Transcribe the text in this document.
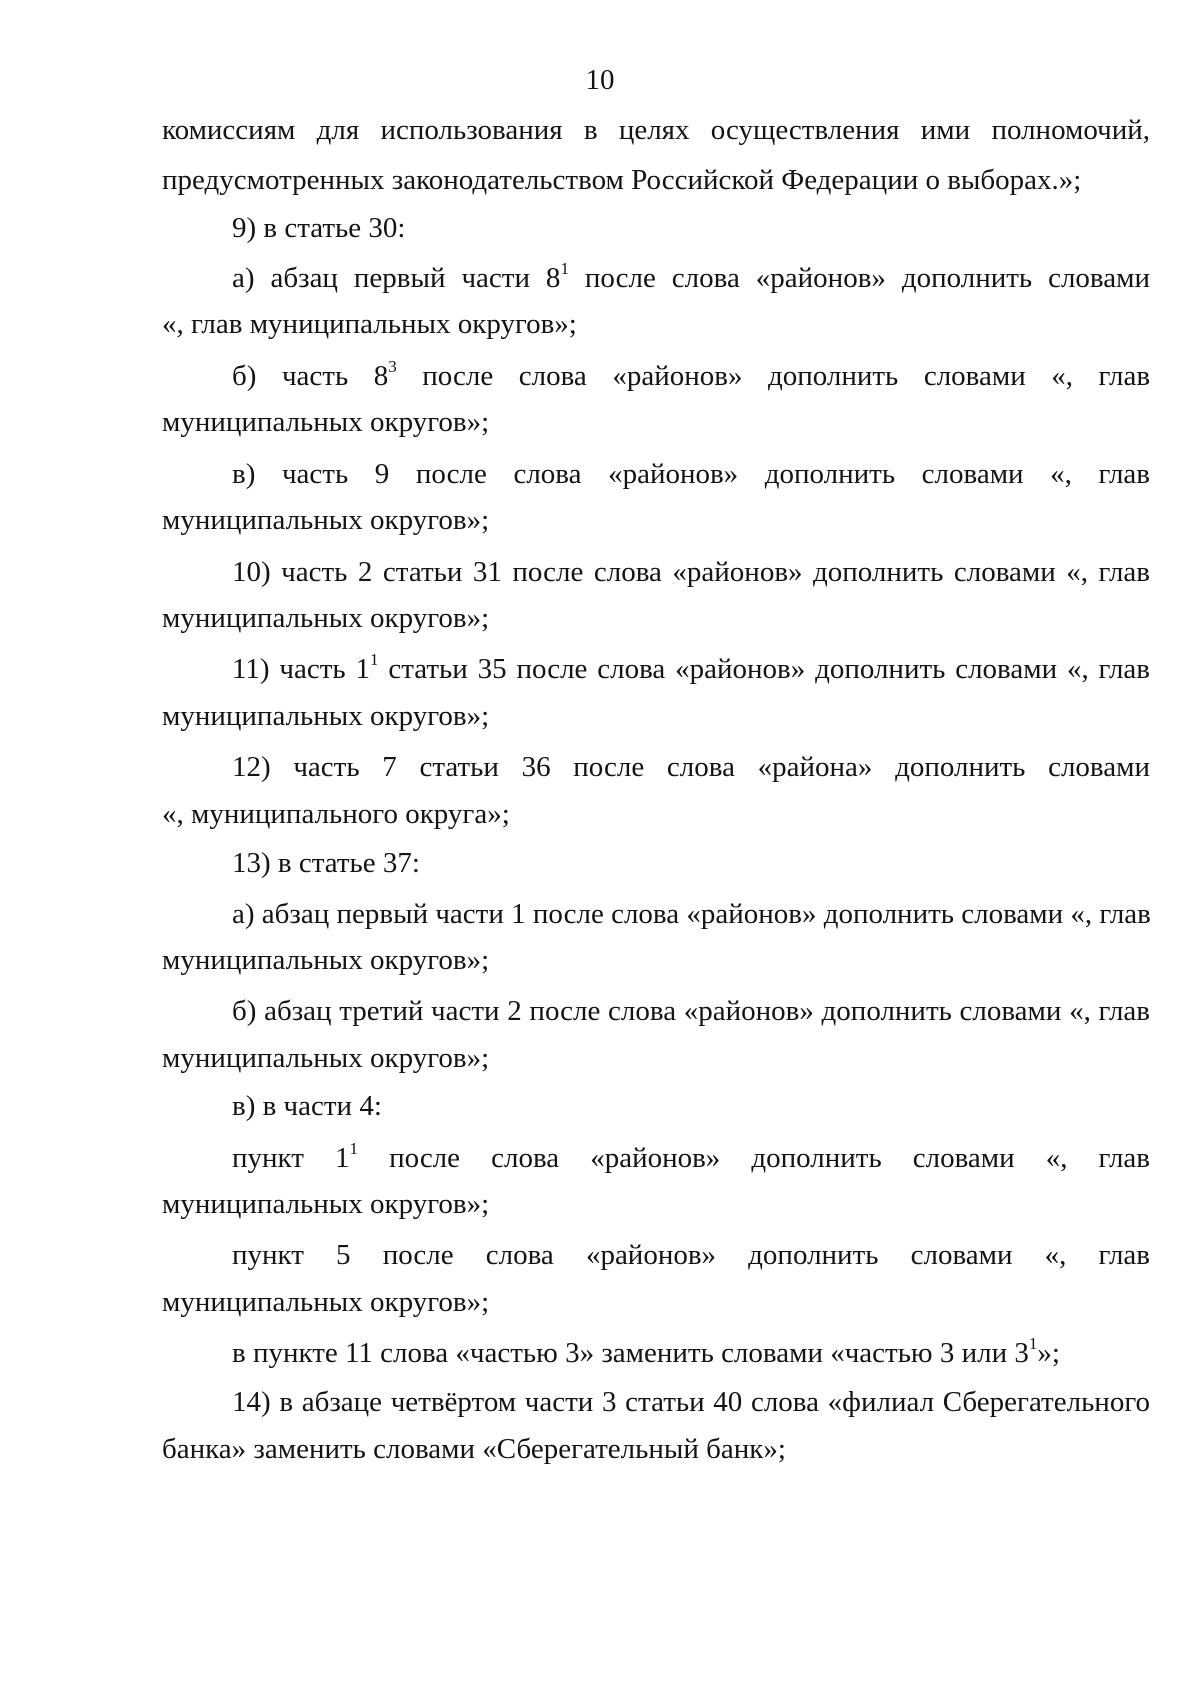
10
комиссиям для использования в целях осуществления ими полномочий,
предусмотренных законодательством Российской Федерации о выборах.»;
9) в статье 30:
а) абзац первый части $8^1$ после слова «районов» дополнить словами
«, глав муниципальных округов»;
б) часть $8^3$ после слова «районов» дополнить словами «, глав
муниципальных округов»;
в) часть 9 после слова «районов» дополнить словами «, глав
муниципальных округов»;
10) часть 2 статьи 31 после слова «районов» дополнить словами «, глав
муниципальных округов»;
11) часть $1^1$ статьи 35 после слова «районов» дополнить словами «, глав
муниципальных округов»;
12) часть 7 статьи 36 после слова «района» дополнить словами
«, муниципального округа»;
13) в статье 37:
а) абзац первый части 1 после слова «районов» дополнить словами «, глав
муниципальных округов»;
б) абзац третий части 2 после слова «районов» дополнить словами «, глав
муниципальных округов»;
в) в части 4:
пункт $1^1$ после слова «районов» дополнить словами «, глав
муниципальных округов»;
пункт 5 после слова «районов» дополнить словами «, глав
муниципальных округов»;
в пункте 11 слова «частью 3» заменить словами «частью 3 или $3^1$»;
14) в абзаце четвёртом части 3 статьи 40 слова «филиал Сберегательного
банка» заменить словами «Сберегательный банк»;
